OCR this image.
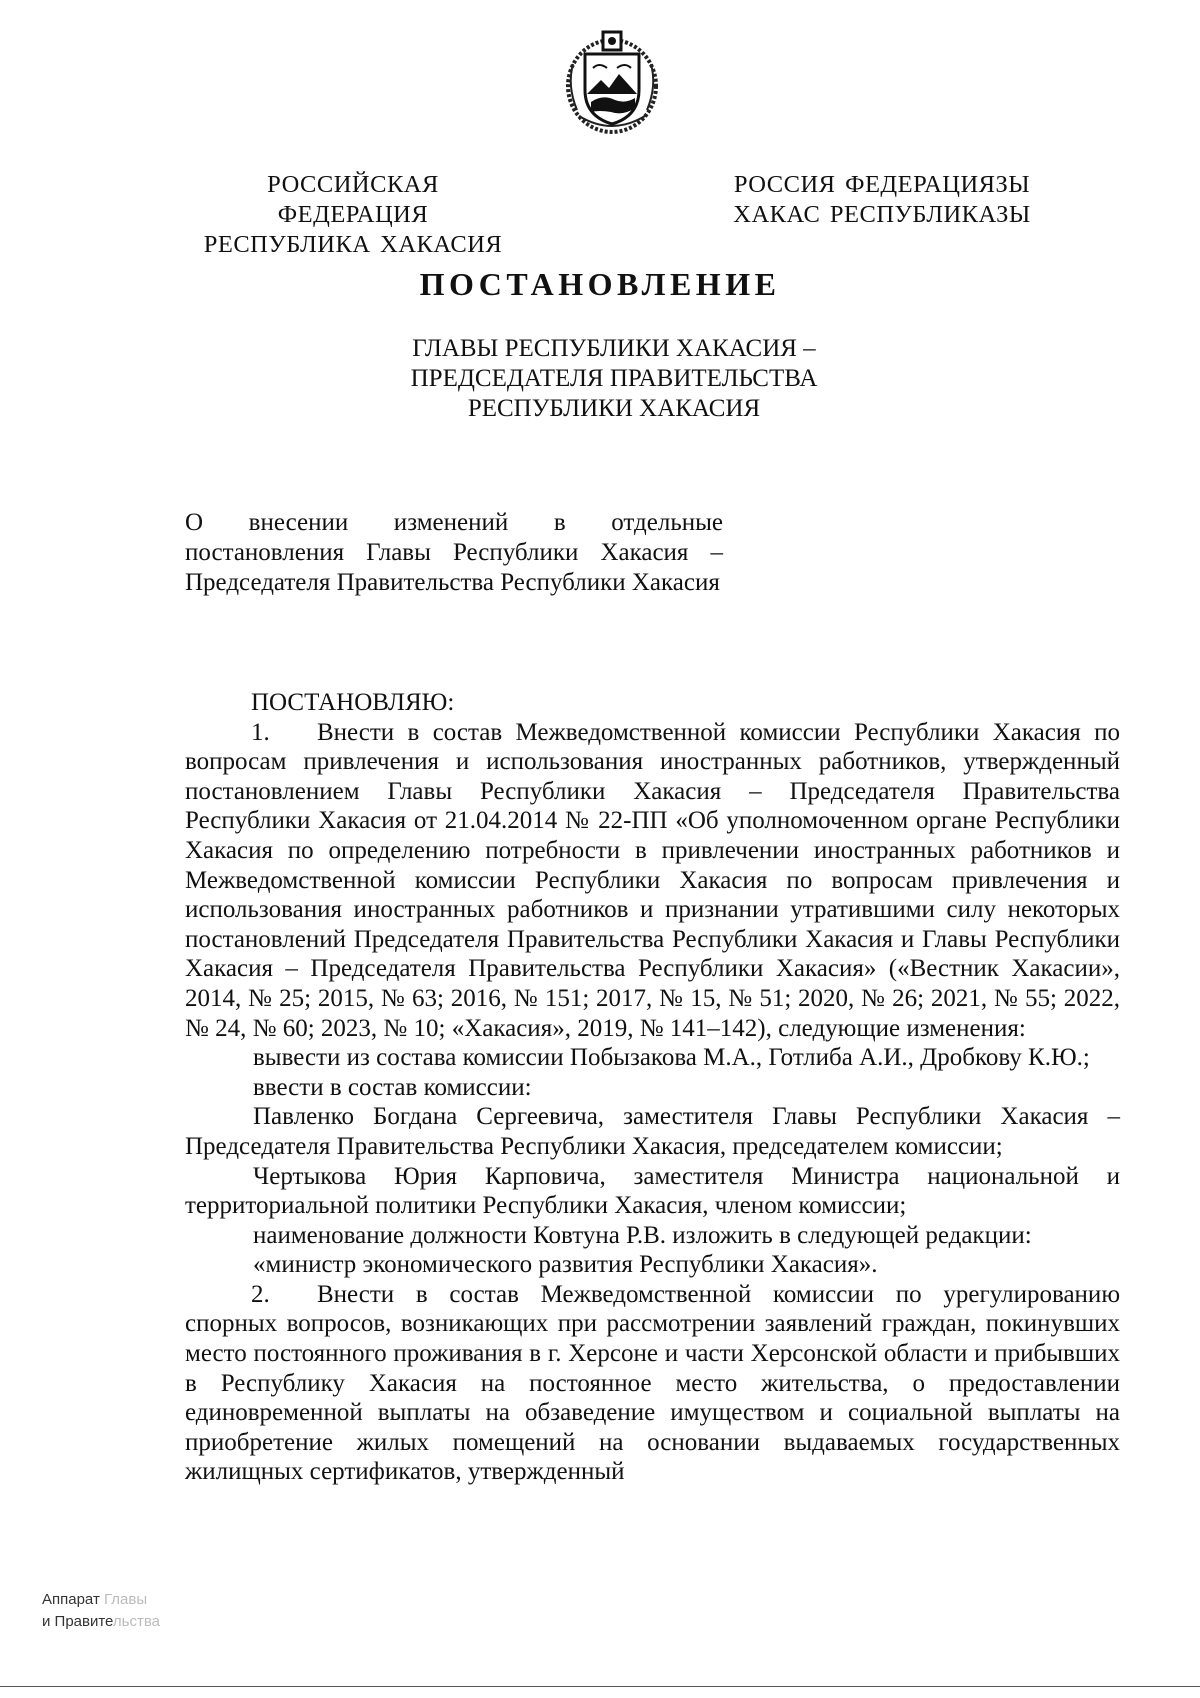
РОССИЙСКАЯ ФЕДЕРАЦИЯ
РЕСПУБЛИКА ХАКАСИЯ
РОССИЯ ФЕДЕРАЦИЯЗЫ
ХАКАС РЕСПУБЛИКАЗЫ
ПОСТАНОВЛЕНИЕ
ГЛАВЫ РЕСПУБЛИКИ ХАКАСИЯ –
ПРЕДСЕДАТЕЛЯ ПРАВИТЕЛЬСТВА
РЕСПУБЛИКИ ХАКАСИЯ
О внесении изменений в отдельные постановления Главы Республики Хакасия – Председателя Правительства Республики Хакасия

ПОСТАНОВЛЯЮ:

1. Внести в состав Межведомственной комиссии Республики Хакасия по вопросам привлечения и использования иностранных работников, утвержденный постановлением Главы Республики Хакасия – Председателя Правительства Республики Хакасия от 21.04.2014 № 22-ПП «Об уполномоченном органе Республики Хакасия по определению потребности в привлечении иностранных работников и Межведомственной комиссии Республики Хакасия по вопросам привлечения и использования иностранных работников и признании утратившими силу некоторых постановлений Председателя Правительства Республики Хакасия и Главы Республики Хакасия – Председателя Правительства Республики Хакасия» («Вестник Хакасии», 2014, № 25; 2015, № 63; 2016, № 151; 2017, № 15, № 51; 2020, № 26; 2021, № 55; 2022, № 24, № 60; 2023, № 10; «Хакасия», 2019, № 141–142), следующие изменения:

вывести из состава комиссии Побызакова М.А., Готлиба А.И., Дробкову К.Ю.;

ввести в состав комиссии:

Павленко Богдана Сергеевича, заместителя Главы Республики Хакасия – Председателя Правительства Республики Хакасия, председателем комиссии;

Чертыкова Юрия Карповича, заместителя Министра национальной и территориальной политики Республики Хакасия, членом комиссии;

наименование должности Ковтуна Р.В. изложить в следующей редакции:

«министр экономического развития Республики Хакасия».

2. Внести в состав Межведомственной комиссии по урегулированию спорных вопросов, возникающих при рассмотрении заявлений граждан, покинувших место постоянного проживания в г. Херсоне и части Херсонской области и прибывших в Республику Хакасия на постоянное место жительства, о предоставлении единовременной выплаты на обзаведение имуществом и социальной выплаты на приобретение жилых помещений на основании выдаваемых государственных жилищных сертификатов, утвержденный

Аппарат Главы
и Правительства
